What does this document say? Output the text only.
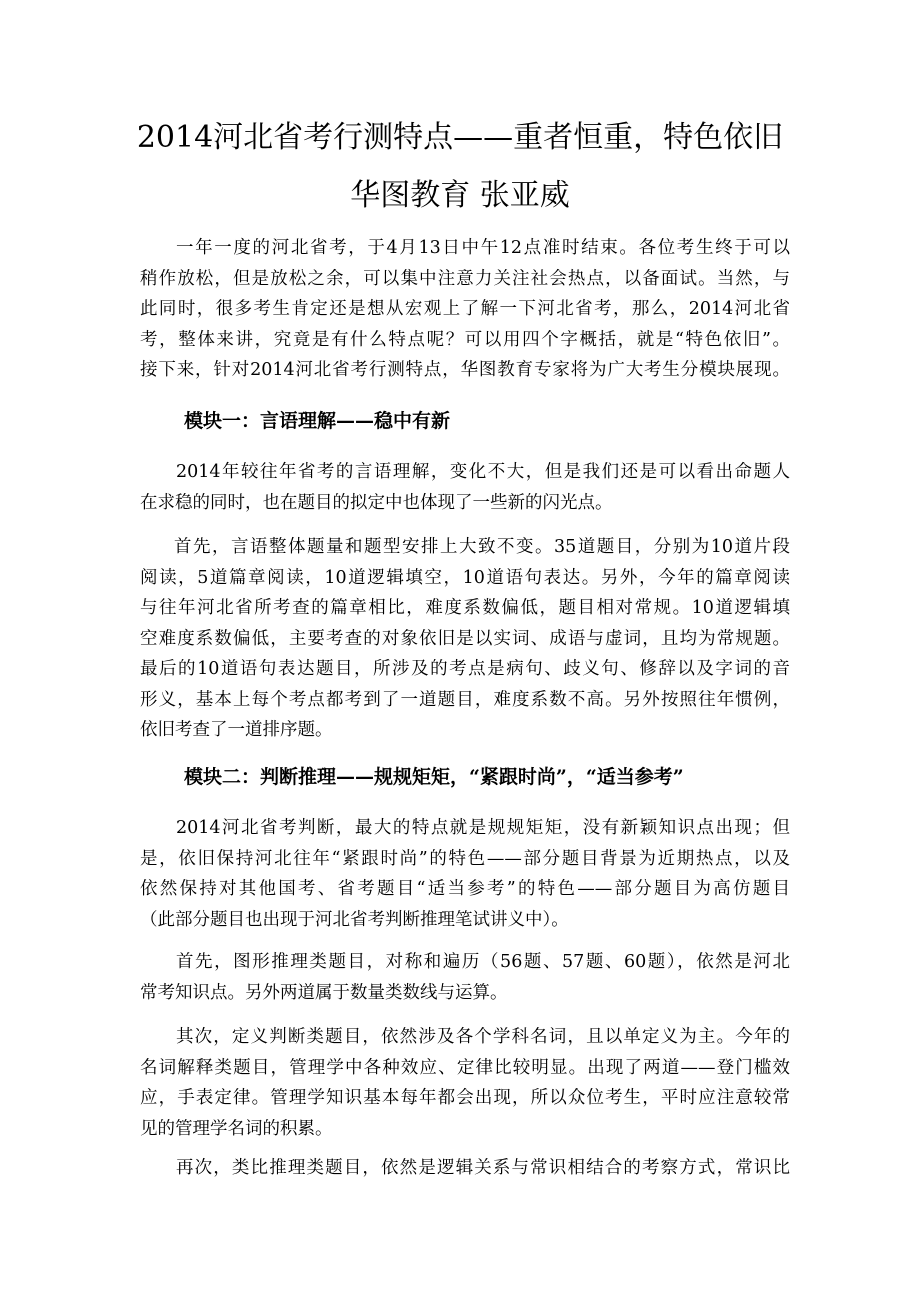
2014河北省考行测特点——重者恒重，特色依旧
华图教育 张亚威
一年一度的河北省考，于4月13日中午12点准时结束。各位考生终于可以
稍作放松，但是放松之余，可以集中注意力关注社会热点，以备面试。当然，与
此同时，很多考生肯定还是想从宏观上了解一下河北省考，那么，2014河北省
考，整体来讲，究竟是有什么特点呢？可以用四个字概括，就是“特色依旧”。
接下来，针对2014河北省考行测特点，华图教育专家将为广大考生分模块展现。
模块一：言语理解——稳中有新
2014年较往年省考的言语理解，变化不大，但是我们还是可以看出命题人
在求稳的同时，也在题目的拟定中也体现了一些新的闪光点。
首先，言语整体题量和题型安排上大致不变。35道题目，分别为10道片段
阅读，5道篇章阅读，10道逻辑填空，10道语句表达。另外，今年的篇章阅读
与往年河北省所考查的篇章相比，难度系数偏低，题目相对常规。10道逻辑填
空难度系数偏低，主要考查的对象依旧是以实词、成语与虚词，且均为常规题。
最后的10道语句表达题目，所涉及的考点是病句、歧义句、修辞以及字词的音
形义，基本上每个考点都考到了一道题目，难度系数不高。另外按照往年惯例，
依旧考查了一道排序题。
模块二：判断推理——规规矩矩，“紧跟时尚”，“适当参考”
2014河北省考判断，最大的特点就是规规矩矩，没有新颖知识点出现；但
是，依旧保持河北往年“紧跟时尚”的特色——部分题目背景为近期热点，以及
依然保持对其他国考、省考题目“适当参考”的特色——部分题目为高仿题目
（此部分题目也出现于河北省考判断推理笔试讲义中）。
首先，图形推理类题目，对称和遍历（56题、57题、60题），依然是河北
常考知识点。另外两道属于数量类数线与运算。
其次，定义判断类题目，依然涉及各个学科名词，且以单定义为主。今年的
名词解释类题目，管理学中各种效应、定律比较明显。出现了两道——登门槛效
应，手表定律。管理学知识基本每年都会出现，所以众位考生，平时应注意较常
见的管理学名词的积累。
再次，类比推理类题目，依然是逻辑关系与常识相结合的考察方式，常识比
